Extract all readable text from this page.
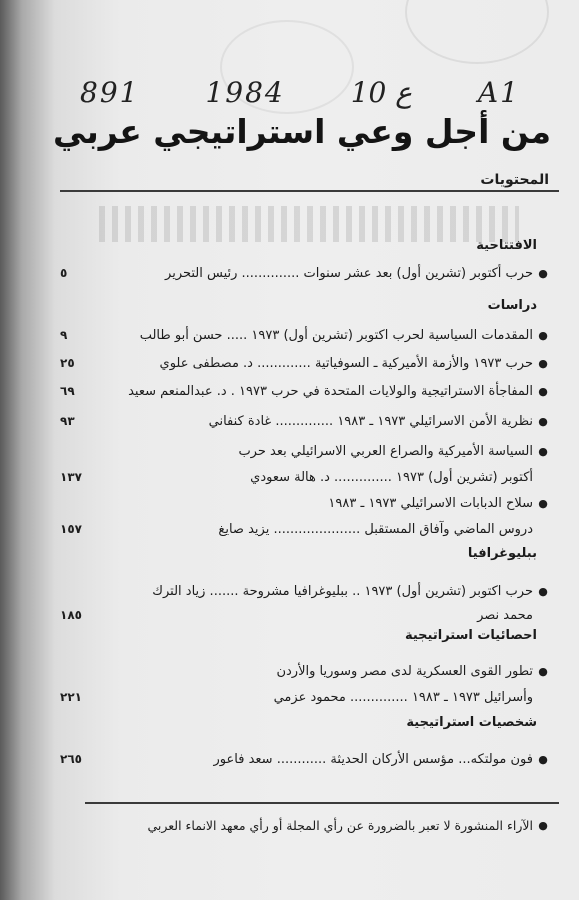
891 1984 10 ع A1
من أجل وعي استراتيجي عربي
المحتويات
الافتتاحية
●
حرب أكتوبر (تشرين أول) بعد عشر سنوات .............. رئيس التحرير
٥
دراسات
●
المقدمات السياسية لحرب اكتوبر (تشرين أول) ١٩٧٣ ..... حسن أبو طالب
٩
●
حرب ١٩٧٣ والأزمة الأميركية ـ السوفياتية ............. د. مصطفى علوي
٢٥
●
المفاجأة الاستراتيجية والولايات المتحدة في حرب ١٩٧٣ . د. عبدالمنعم سعيد
٦٩
●
نظرية الأمن الاسرائيلي ١٩٧٣ ـ ١٩٨٣ .............. غادة كنفاني
٩٣
●
السياسة الأميركية والصراع العربي الاسرائيلي بعد حرب
أكتوبر (تشرين أول) ١٩٧٣ .............. د. هالة سعودي
١٣٧
●
سلاح الدبابات الاسرائيلي ١٩٧٣ ـ ١٩٨٣
دروس الماضي وآفاق المستقبل ..................... يزيد صايغ
١٥٧
ببليوغرافيا
●
حرب اكتوبر (تشرين أول) ١٩٧٣ .. ببليوغرافيا مشروحة ....... زياد الترك
محمد نصر
١٨٥
احصائيات استراتيجية
●
تطور القوى العسكرية لدى مصر وسوريا والأردن
وأسرائيل ١٩٧٣ ـ ١٩٨٣ .............. محمود عزمي
٢٢١
شخصيات استراتيجية
●
فون مولتكه... مؤسس الأركان الحديثة ............ سعد فاعور
٢٦٥
●
الآراء المنشورة لا تعبر بالضرورة عن رأي المجلة أو رأي معهد الانماء العربي
